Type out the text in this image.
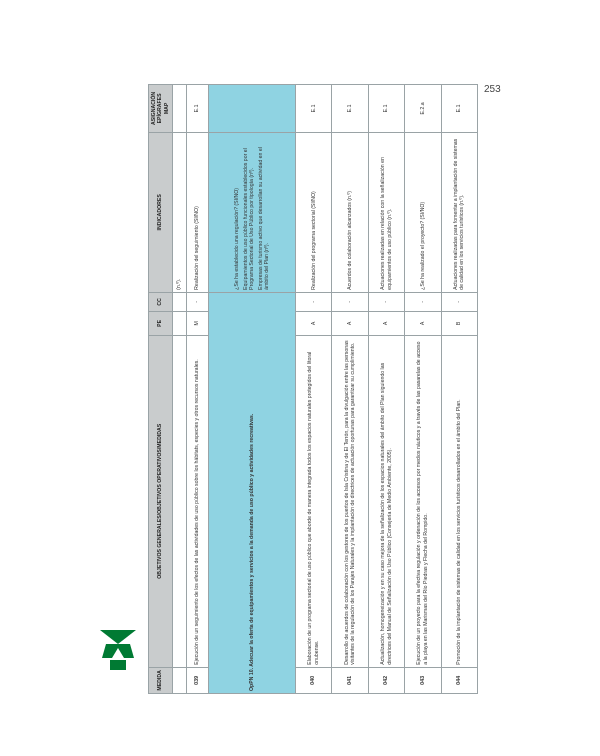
253
MEDIDA	OBJETIVOS GENERALES/OBJETIVOS OPERATIVOS/MEDIDAS	PE	CC	INDICADORES	ASIGNACIÓN EPÍGRAFES MAP
				(n.º).	
039	Ejecución de un seguimiento de los efectos de las actividades de uso público sobre los hábitats, especies y otros recursos naturales.	M	-	Realización del seguimiento (SI/NO)	E.1
OpPN 10. Adecuar la oferta de equipamientos y servicios a la demanda de uso público y actividades recreativas.				¿Se ha establecido una regulación? (SI/NO) Equipamientos de uso público funcionales establecidos por el Programa Sectorial de Uso Público por tipología (nº). Empresas de turismo activo que desarrollan su actividad en el ámbito del Plan (nº).	

040	Elaboración de un programa sectorial de uso público que aborde de manera integrada todos los espacios naturales protegidos del litoral onubense.	A	-	Realización del programa sectorial (SI/NO)	E.1
041	Desarrollo de acuerdos de colaboración con los gestores de los puertos de Isla Cristina y de El Terrón, para la divulgación entre las personas visitantes de la regulación de los Parajes Naturales y la implantación de directrices de actuación oportunas para garantizar su cumplimiento.	A	-	Acuerdos de colaboración alcanzados (n.º)	E.1
042	Actualización, homogeneización y en su caso mejora de la señalización de los espacios naturales del ámbito del Plan siguiendo las directrices del Manual de Señalización de Uso Público (Consejería de Medio Ambiente, 2005).	A	-	Actuaciones realizadas en relación con la señalización en equipamientos de uso público (n.º).	E.1
043	Ejecución de un proyecto para la efectiva regulación y ordenación de los accesos por medios náuticos y a través de las pasarelas de acceso a la playa en las Marismas del Río Piedras y Flecha del Rompido.	A	-	¿Se ha realizado el proyecto? (SI/NO)	E.2.a
044	Promoción de la implantación de sistemas de calidad en los servicios turísticos desarrollados en el ámbito del Plan.	B	-	Actuaciones realizadas para fomentar a implantación de sistemas de calidad en los servicios turísticos (n.º).	E.1
